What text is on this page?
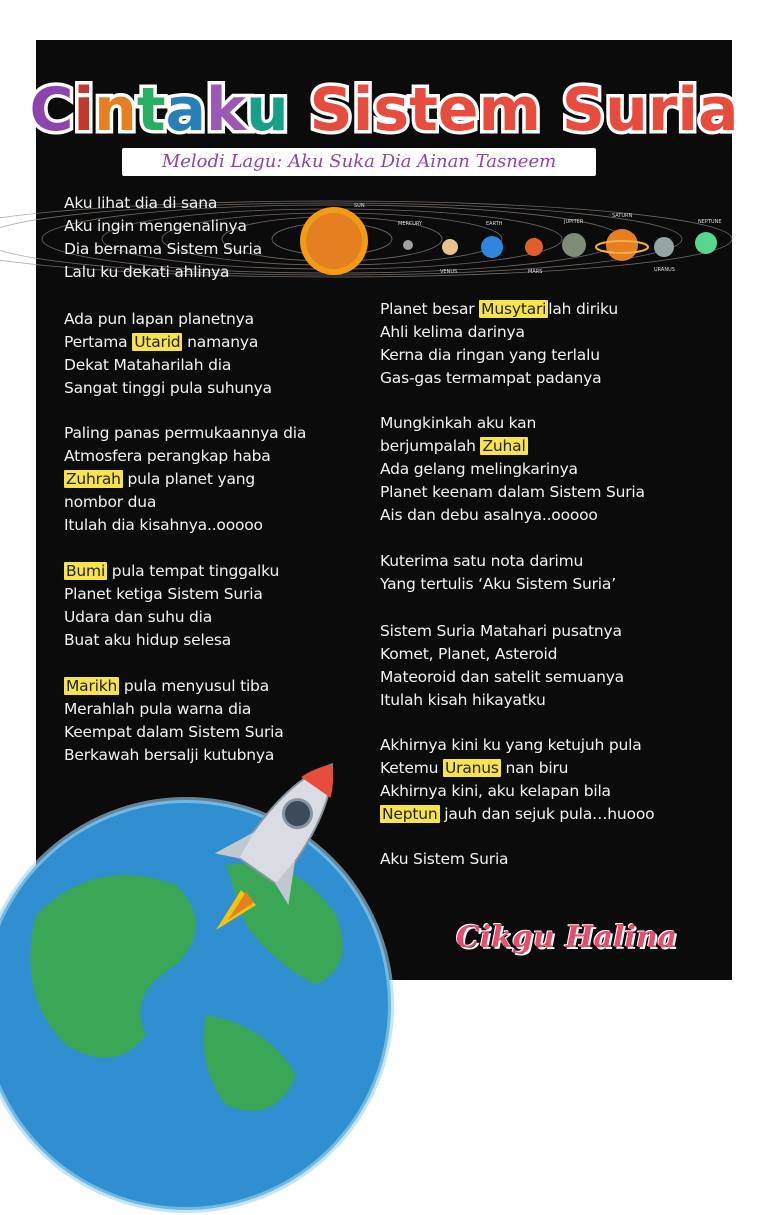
Cintaku Sistem Suria
Melodi Lagu: Aku Suka Dia Ainan Tasneem
SUN
MERCURY
VENUS
EARTH
MARS
JUPITER
SATURN
URANUS
NEPTUNE
Aku lihat dia di sana
Aku ingin mengenalinya
Dia bernama Sistem Suria
Lalu ku dekati ahlinya
Ada pun lapan planetnya
Pertama Utarid namanya
Dekat Mataharilah dia
Sangat tinggi pula suhunya
Paling panas permukaannya dia
Atmosfera perangkap haba
Zuhrah pula planet yang
nombor dua
Itulah dia kisahnya..ooooo
Bumi pula tempat tinggalku
Planet ketiga Sistem Suria
Udara dan suhu dia
Buat aku hidup selesa
Marikh pula menyusul tiba
Merahlah pula warna dia
Keempat dalam Sistem Suria
Berkawah bersalji kutubnya
Planet besar Musytari lah diriku
Ahli kelima darinya
Kerna dia ringan yang terlalu
Gas-gas termampat padanya
Mungkinkah aku kan
berjumpalah Zuhal
Ada gelang melingkarinya
Planet keenam dalam Sistem Suria
Ais dan debu asalnya..ooooo
Kuterima satu nota darimu
Yang tertulis ‘Aku Sistem Suria’
Sistem Suria Matahari pusatnya
Komet, Planet, Asteroid
Mateoroid dan satelit semuanya
Itulah kisah hikayatku
Akhirnya kini ku yang ketujuh pula
Ketemu Uranus nan biru
Akhirnya kini, aku kelapan bila
Neptun jauh dan sejuk pula…huooo
Aku Sistem Suria
Cikgu Halina
